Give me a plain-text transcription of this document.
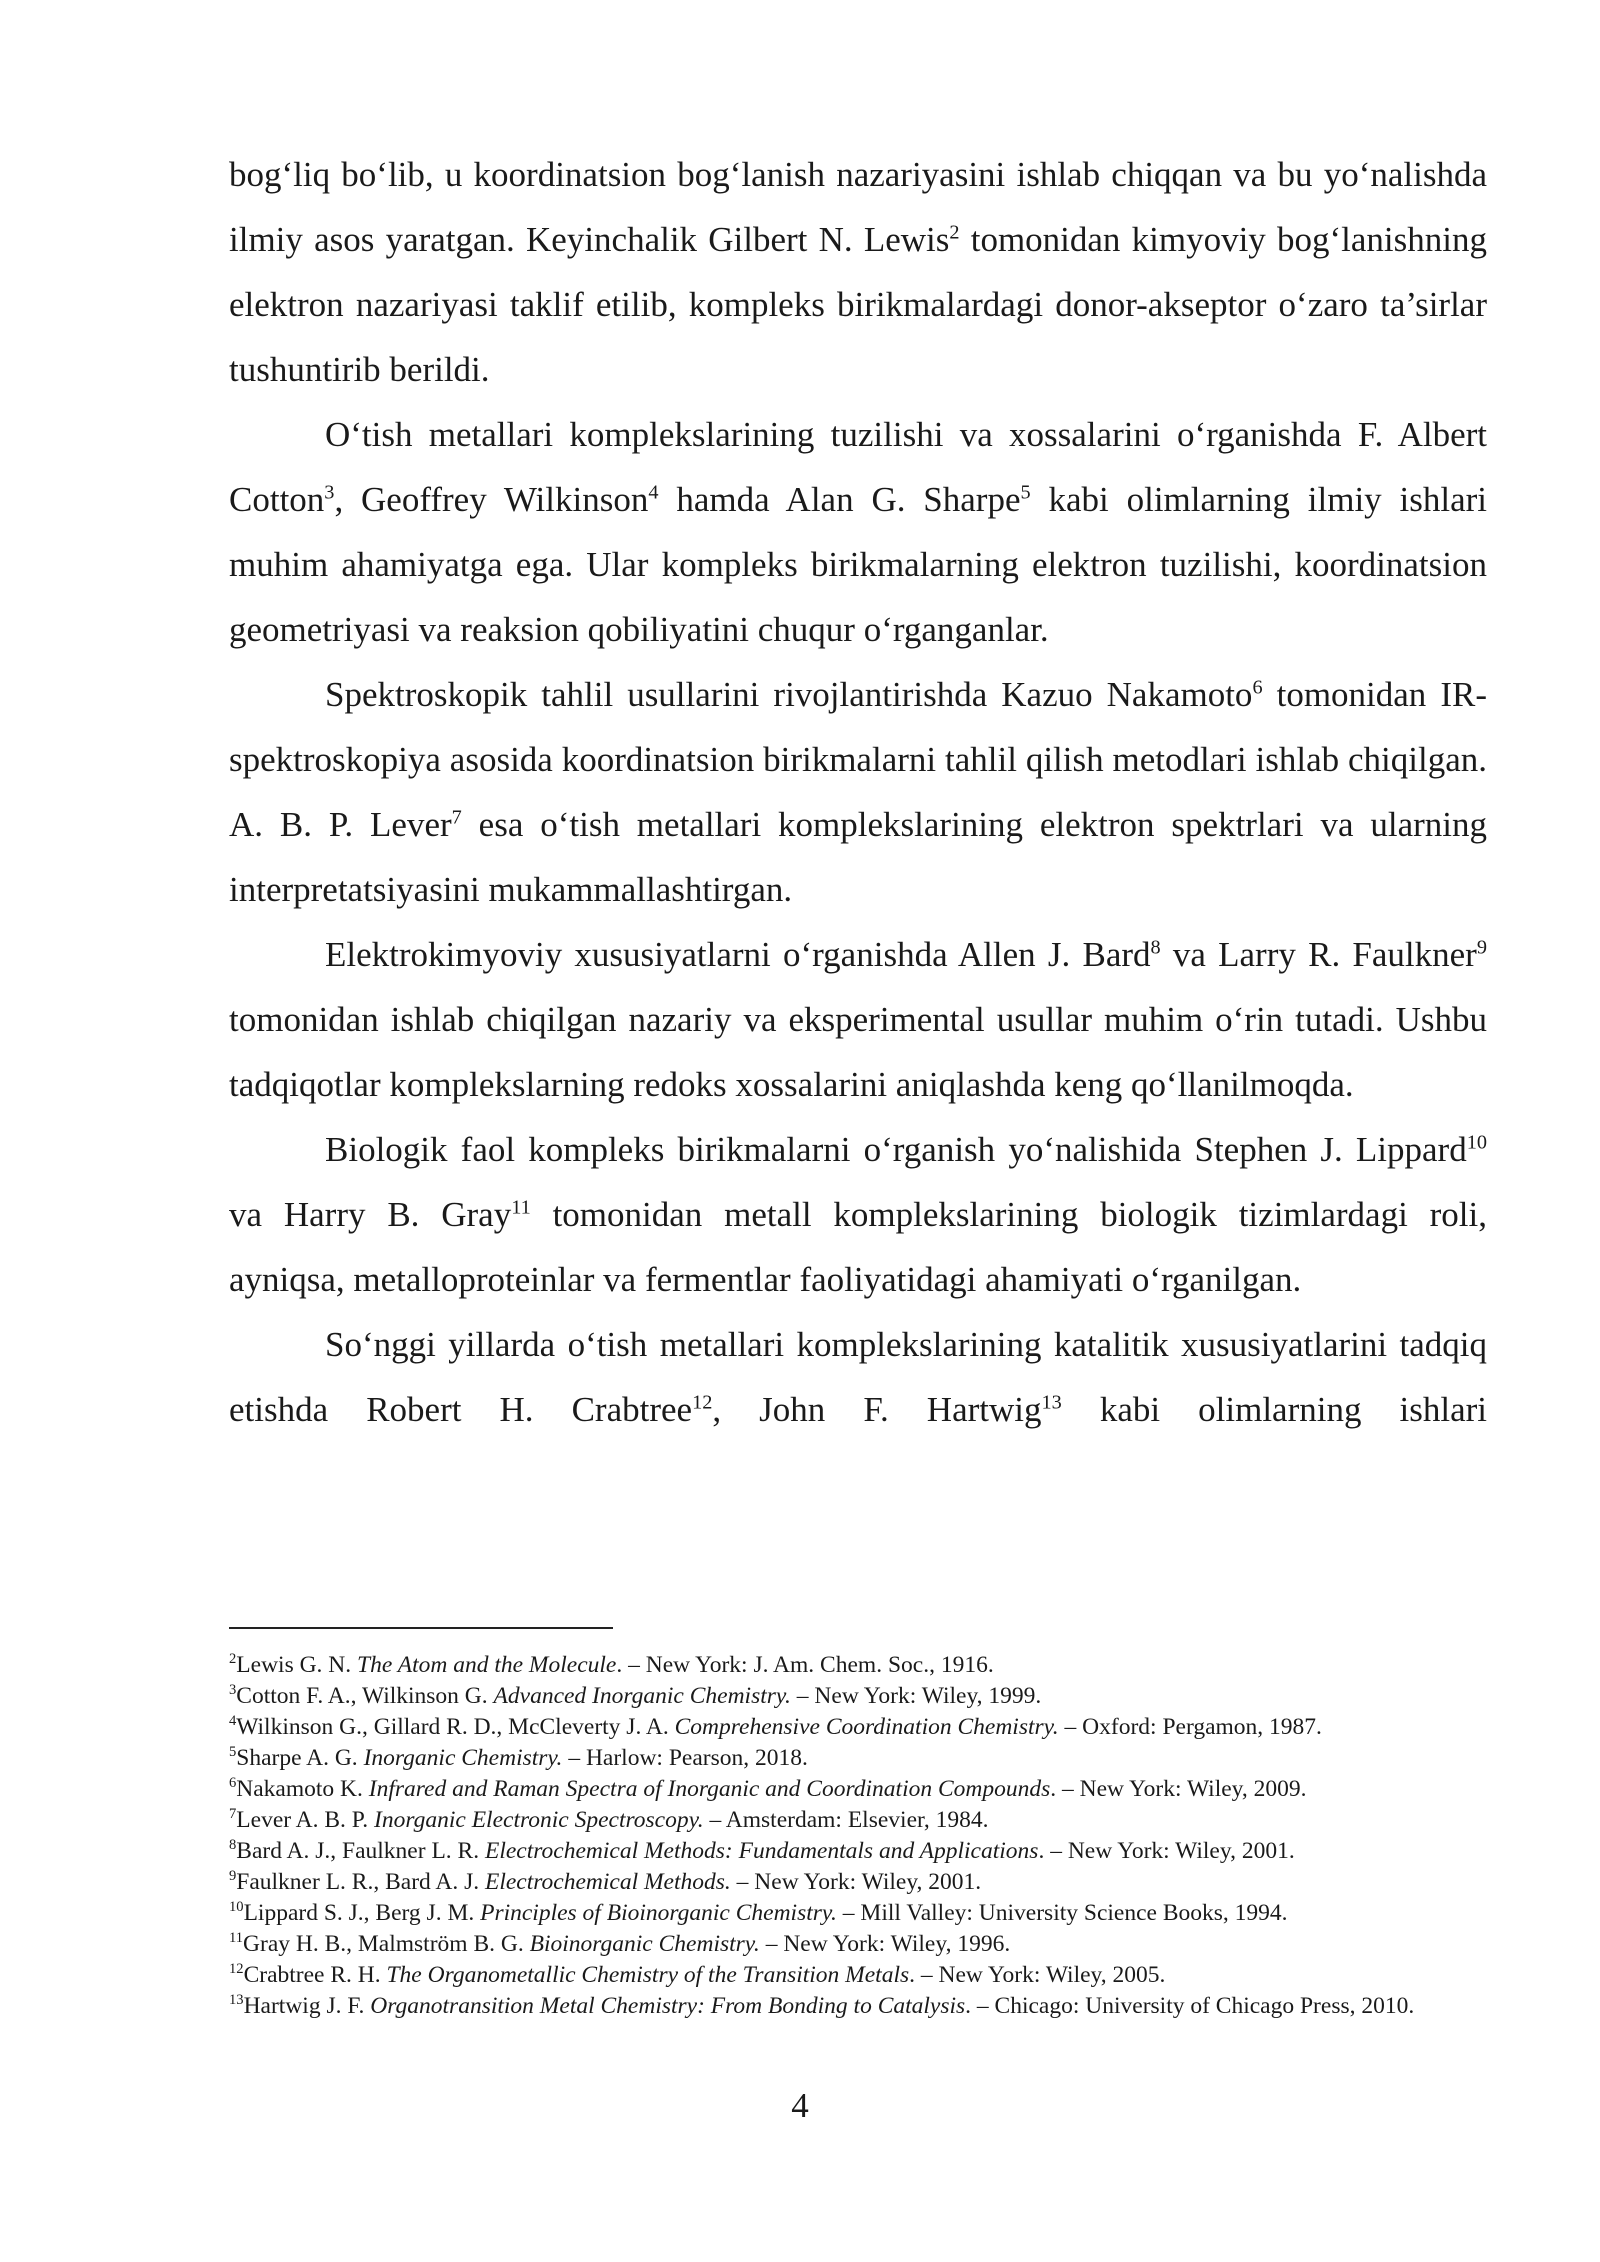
bog‘liq bo‘lib, u koordinatsion bog‘lanish nazariyasini ishlab chiqqan va bu yo‘nalishda ilmiy asos yaratgan. Keyinchalik Gilbert N. Lewis$^2$ tomonidan kimyoviy bog‘lanishning elektron nazariyasi taklif etilib, kompleks birikmalardagi donor-akseptor o‘zaro ta’sirlar tushuntirib berildi.

O‘tish metallari komplekslarining tuzilishi va xossalarini o‘rganishda F. Albert Cotton$^3$, Geoffrey Wilkinson$^4$ hamda Alan G. Sharpe$^5$ kabi olimlarning ilmiy ishlari muhim ahamiyatga ega. Ular kompleks birikmalarning elektron tuzilishi, koordinatsion geometriyasi va reaksion qobiliyatini chuqur o‘rganganlar.

Spektroskopik tahlil usullarini rivojlantirishda Kazuo Nakamoto$^6$ tomonidan IR-spektroskopiya asosida koordinatsion birikmalarni tahlil qilish metodlari ishlab chiqilgan. A. B. P. Lever$^7$ esa o‘tish metallari komplekslarining elektron spektrlari va ularning interpretatsiyasini mukammallashtirgan.

Elektrokimyoviy xususiyatlarni o‘rganishda Allen J. Bard$^8$ va Larry R. Faulkner$^9$ tomonidan ishlab chiqilgan nazariy va eksperimental usullar muhim o‘rin tutadi. Ushbu tadqiqotlar komplekslarning redoks xossalarini aniqlashda keng qo‘llanilmoqda.

Biologik faol kompleks birikmalarni o‘rganish yo‘nalishida Stephen J. Lippard$^{10}$ va Harry B. Gray$^{11}$ tomonidan metall komplekslarining biologik tizimlardagi roli, ayniqsa, metalloproteinlar va fermentlar faoliyatidagi ahamiyati o‘rganilgan.

So‘nggi yillarda o‘tish metallari komplekslarining katalitik xususiyatlarini tadqiq etishda Robert H. Crabtree$^{12}$, John F. Hartwig$^{13}$ kabi olimlarning ishlari

$^2$Lewis G. N. The Atom and the Molecule. – New York: J. Am. Chem. Soc., 1916.

$^3$Cotton F. A., Wilkinson G. Advanced Inorganic Chemistry. – New York: Wiley, 1999.

$^4$Wilkinson G., Gillard R. D., McCleverty J. A. Comprehensive Coordination Chemistry. – Oxford: Pergamon, 1987.

$^5$Sharpe A. G. Inorganic Chemistry. – Harlow: Pearson, 2018.

$^6$Nakamoto K. Infrared and Raman Spectra of Inorganic and Coordination Compounds. – New York: Wiley, 2009.

$^7$Lever A. B. P. Inorganic Electronic Spectroscopy. – Amsterdam: Elsevier, 1984.

$^8$Bard A. J., Faulkner L. R. Electrochemical Methods: Fundamentals and Applications. – New York: Wiley, 2001.

$^9$Faulkner L. R., Bard A. J. Electrochemical Methods. – New York: Wiley, 2001.

$^{10}$Lippard S. J., Berg J. M. Principles of Bioinorganic Chemistry. – Mill Valley: University Science Books, 1994.

$^{11}$Gray H. B., Malmström B. G. Bioinorganic Chemistry. – New York: Wiley, 1996.

$^{12}$Crabtree R. H. The Organometallic Chemistry of the Transition Metals. – New York: Wiley, 2005.

$^{13}$Hartwig J. F. Organotransition Metal Chemistry: From Bonding to Catalysis. – Chicago: University of Chicago Press, 2010.

4
